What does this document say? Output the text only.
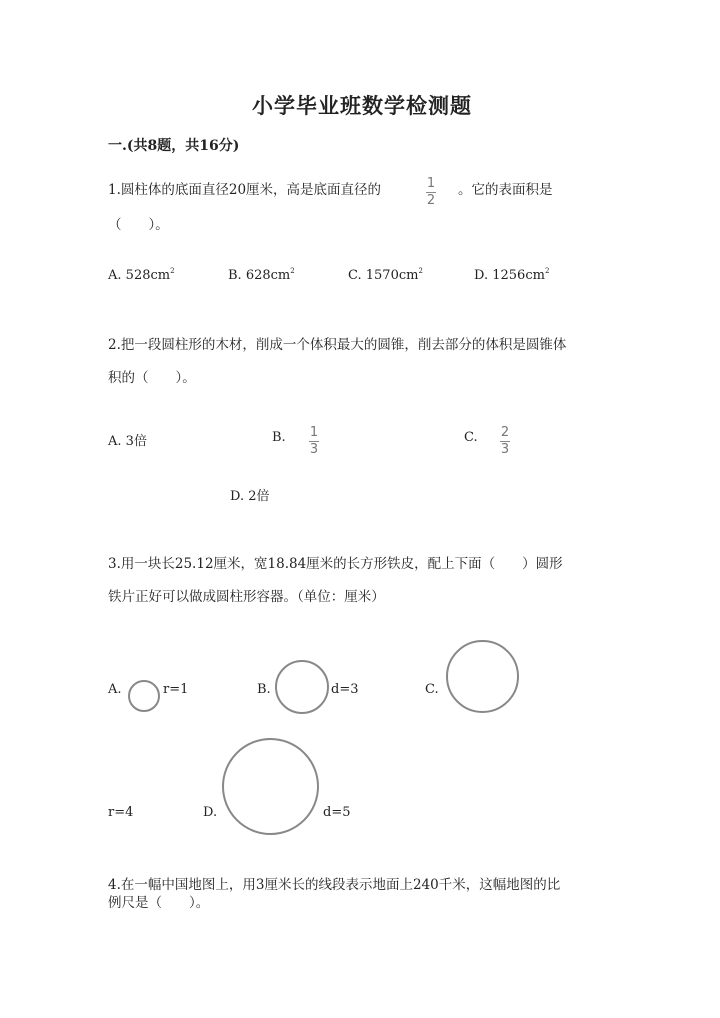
小学毕业班数学检测题
一.(共8题，共16分)
1.圆柱体的底面直径20厘米，高是底面直径的	1
2
。它的表面积是
（　　）。
A. $528cm^2$	B. $628cm^2$	C. $1570cm^2$	D. $1256cm^2$
2.把一段圆柱形的木材，削成一个体积最大的圆锥，削去部分的体积是圆锥体
积的（　　）。
A. 3倍	B. 1
3
C. 2
3
D. 2倍
3.用一块长25.12厘米，宽18.84厘米的长方形铁皮，配上下面（　　）圆形
铁片正好可以做成圆柱形容器。（单位：厘米）
A.	r=1	B.	d=3	C.
r=4	D.	d=5
4.在一幅中国地图上，用3厘米长的线段表示地面上240千米，这幅地图的比
例尺是（　　）。
